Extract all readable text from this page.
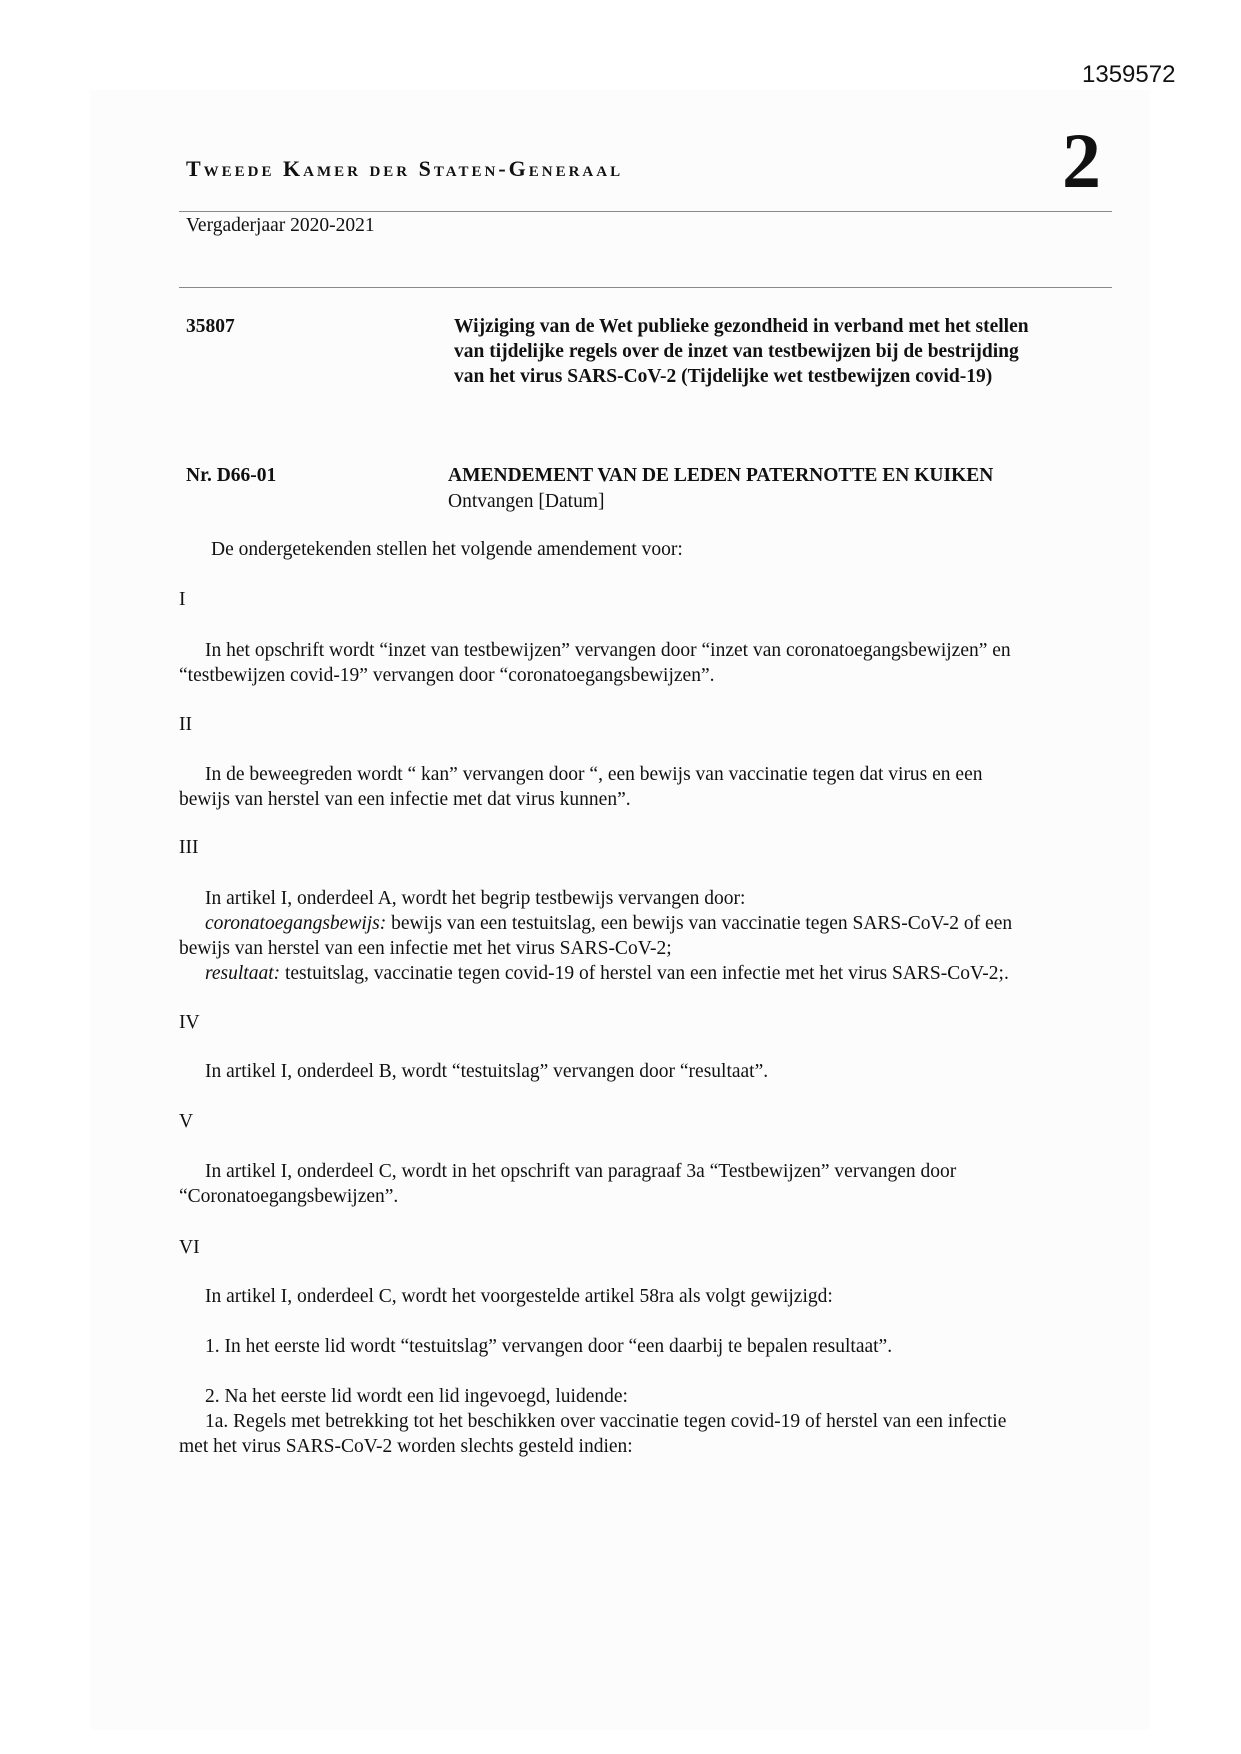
1359572
Tweede Kamer der Staten-Generaal	2
Vergaderjaar 2020-2021
35807	Wijziging van de Wet publieke gezondheid in verband met het stellen
van tijdelijke regels over de inzet van testbewijzen bij de bestrijding
van het virus SARS-CoV-2 (Tijdelijke wet testbewijzen covid-19)
Nr. D66-01	AMENDEMENT VAN DE LEDEN PATERNOTTE EN KUIKEN
Ontvangen [Datum]
De ondergetekenden stellen het volgende amendement voor:
I
In het opschrift wordt “inzet van testbewijzen” vervangen door “inzet van coronatoegangsbewijzen” en
“testbewijzen covid-19” vervangen door “coronatoegangsbewijzen”.
II
In de beweegreden wordt “ kan” vervangen door “, een bewijs van vaccinatie tegen dat virus en een
bewijs van herstel van een infectie met dat virus kunnen”.
III
In artikel I, onderdeel A, wordt het begrip testbewijs vervangen door:
coronatoegangsbewijs: bewijs van een testuitslag, een bewijs van vaccinatie tegen SARS-CoV-2 of een
bewijs van herstel van een infectie met het virus SARS-CoV-2;
resultaat: testuitslag, vaccinatie tegen covid-19 of herstel van een infectie met het virus SARS-CoV-2;.
IV
In artikel I, onderdeel B, wordt “testuitslag” vervangen door “resultaat”.
V
In artikel I, onderdeel C, wordt in het opschrift van paragraaf 3a “Testbewijzen” vervangen door
“Coronatoegangsbewijzen”.
VI
In artikel I, onderdeel C, wordt het voorgestelde artikel 58ra als volgt gewijzigd:
1. In het eerste lid wordt “testuitslag” vervangen door “een daarbij te bepalen resultaat”.
2. Na het eerste lid wordt een lid ingevoegd, luidende:
1a. Regels met betrekking tot het beschikken over vaccinatie tegen covid-19 of herstel van een infectie
met het virus SARS-CoV-2 worden slechts gesteld indien:
